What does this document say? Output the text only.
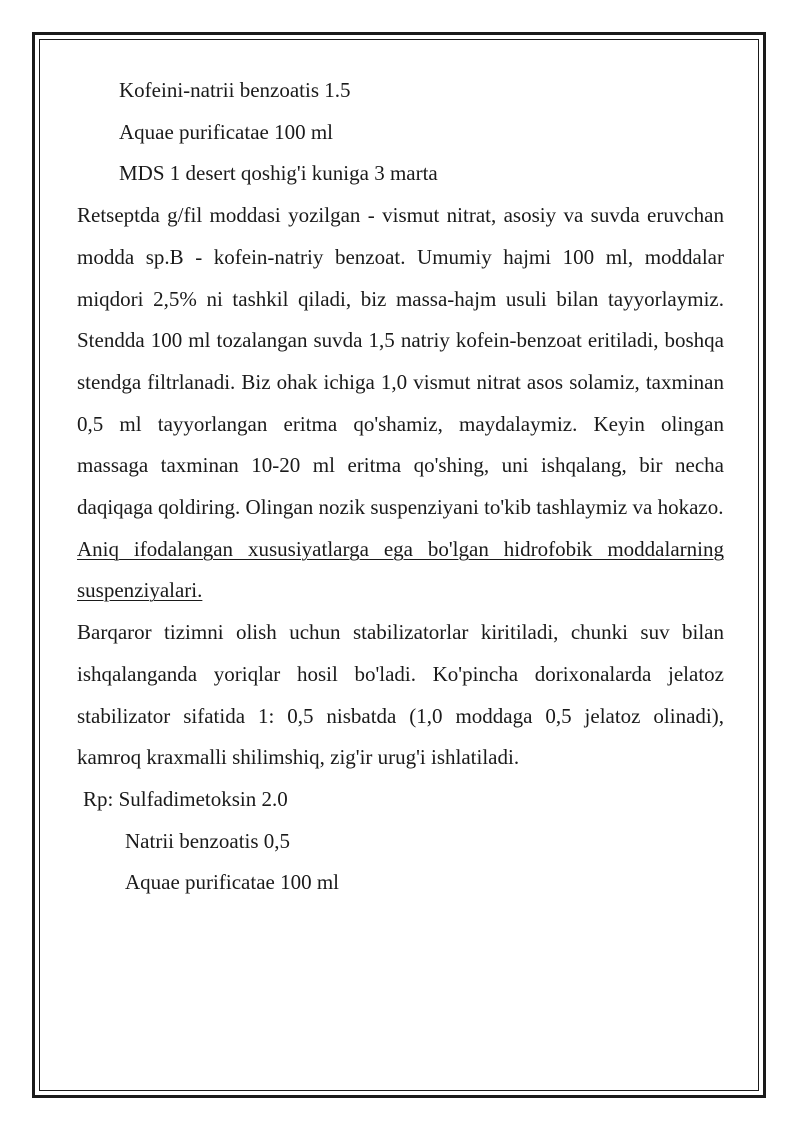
Kofeini-natrii benzoatis 1.5

Aquae purificatae 100 ml

MDS 1 desert qoshig'i kuniga 3 marta

Retseptda g/fil moddasi yozilgan - vismut nitrat, asosiy va suvda eruvchan modda sp.B - kofein-natriy benzoat. Umumiy hajmi 100 ml, moddalar miqdori 2,5% ni tashkil qiladi, biz massa-hajm usuli bilan tayyorlaymiz. Stendda 100 ml tozalangan suvda 1,5 natriy kofein-benzoat eritiladi, boshqa stendga filtrlanadi. Biz ohak ichiga 1,0 vismut nitrat asos solamiz, taxminan 0,5 ml tayyorlangan eritma qo'shamiz, maydalaymiz. Keyin olingan massaga taxminan 10-20 ml eritma qo'shing, uni ishqalang, bir necha daqiqaga qoldiring. Olingan nozik suspenziyani to'kib tashlaymiz va hokazo.

Aniq ifodalangan xususiyatlarga ega bo'lgan hidrofobik moddalarning suspenziyalari.

Barqaror tizimni olish uchun stabilizatorlar kiritiladi, chunki suv bilan ishqalanganda yoriqlar hosil bo'ladi. Ko'pincha dorixonalarda jelatoz stabilizator sifatida 1: 0,5 nisbatda (1,0 moddaga 0,5 jelatoz olinadi), kamroq kraxmalli shilimshiq, zig'ir urug'i ishlatiladi.

Rp: Sulfadimetoksin 2.0

Natrii benzoatis 0,5

Aquae purificatae 100 ml
